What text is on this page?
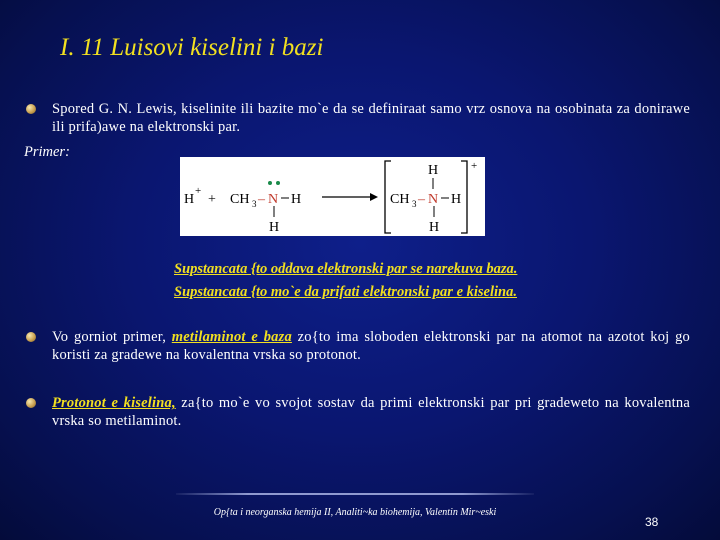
I. 11 Luisovi kiselini i bazi
Spored G. N. Lewis, kiselinite ili bazite mo`e da se definiraat samo vrz osnova na osobinata za donirawe ili prifa)awe na elektronski par.
Primer:
H
+
+ CH 3 – N H
H
H
CH 3 – N H
H
+
Supstancata {to oddava elektronski par se narekuva baza.
Supstancata {to mo`e da prifati elektronski par e kiselina.
Vo gorniot primer, metilaminot e baza zo{to ima sloboden elektronski par na atomot na azotot koj go koristi za gradewe na kovalentna vrska so protonot.
Protonot e kiselina, za{to mo`e vo svojot sostav da primi elektronski par pri gradeweto na kovalentna vrska so metilaminot.
Op{ta i neorganska hemija II, Analiti~ka biohemija, Valentin Mir~eski
38
